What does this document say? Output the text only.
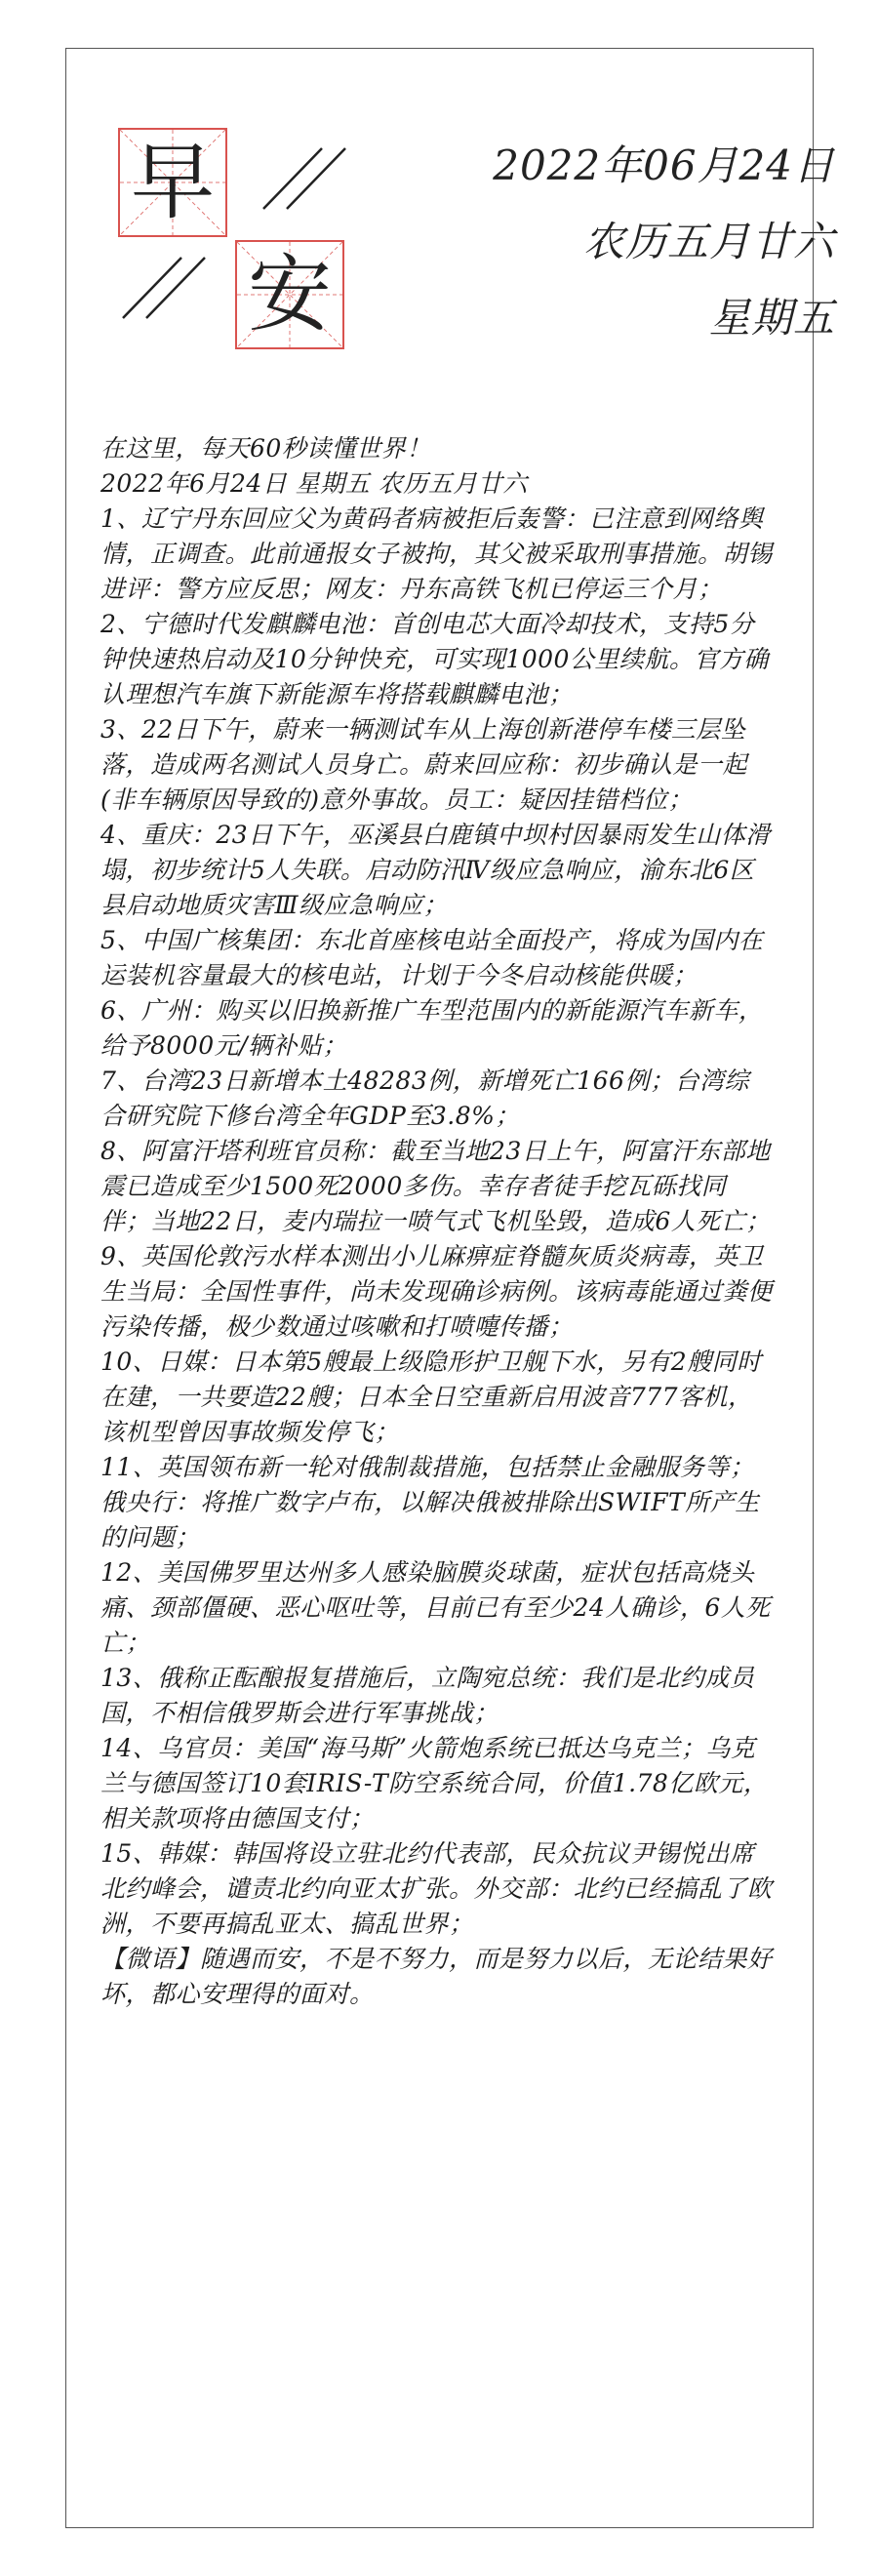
早
安
2022年06月24日
农历五月廿六
星期五

在这里，每天60秒读懂世界！

2022年6月24日 星期五 农历五月廿六

1、辽宁丹东回应父为黄码者病被拒后轰警：已注意到网络舆情，正调查。此前通报女子被拘，其父被采取刑事措施。胡锡进评：警方应反思；网友：丹东高铁飞机已停运三个月；

2、宁德时代发麒麟电池：首创电芯大面冷却技术，支持5分钟快速热启动及10分钟快充，可实现1000公里续航。官方确认理想汽车旗下新能源车将搭载麒麟电池；

3、22日下午，蔚来一辆测试车从上海创新港停车楼三层坠落，造成两名测试人员身亡。蔚来回应称：初步确认是一起(非车辆原因导致的)意外事故。员工：疑因挂错档位；

4、重庆：23日下午，巫溪县白鹿镇中坝村因暴雨发生山体滑塌，初步统计5人失联。启动防汛Ⅳ级应急响应，渝东北6区县启动地质灾害Ⅲ级应急响应；

5、中国广核集团：东北首座核电站全面投产，将成为国内在运装机容量最大的核电站，计划于今冬启动核能供暖；

6、广州：购买以旧换新推广车型范围内的新能源汽车新车，给予8000元/辆补贴；

7、台湾23日新增本土48283例，新增死亡166例；台湾综合研究院下修台湾全年GDP至3.8%；

8、阿富汗塔利班官员称：截至当地23日上午，阿富汗东部地震已造成至少1500死2000多伤。幸存者徒手挖瓦砾找同伴；当地22日，麦内瑞拉一喷气式飞机坠毁，造成6人死亡；

9、英国伦敦污水样本测出小儿麻痹症脊髓灰质炎病毒，英卫生当局：全国性事件，尚未发现确诊病例。该病毒能通过粪便污染传播，极少数通过咳嗽和打喷嚏传播；

10、日媒：日本第5艘最上级隐形护卫舰下水，另有2艘同时在建，一共要造22艘；日本全日空重新启用波音777客机，该机型曾因事故频发停飞；

11、英国领布新一轮对俄制裁措施，包括禁止金融服务等；俄央行：将推广数字卢布，以解决俄被排除出SWIFT所产生的问题；

12、美国佛罗里达州多人感染脑膜炎球菌，症状包括高烧头痛、颈部僵硬、恶心呕吐等，目前已有至少24人确诊，6人死亡；

13、俄称正酝酿报复措施后，立陶宛总统：我们是北约成员国，不相信俄罗斯会进行军事挑战；

14、乌官员：美国“海马斯”火箭炮系统已抵达乌克兰；乌克兰与德国签订10套IRIS-T防空系统合同，价值1.78亿欧元，相关款项将由德国支付；

15、韩媒：韩国将设立驻北约代表部，民众抗议尹锡悦出席北约峰会，谴责北约向亚太扩张。外交部：北约已经搞乱了欧洲，不要再搞乱亚太、搞乱世界；

【微语】随遇而安，不是不努力，而是努力以后，无论结果好坏，都心安理得的面对。
